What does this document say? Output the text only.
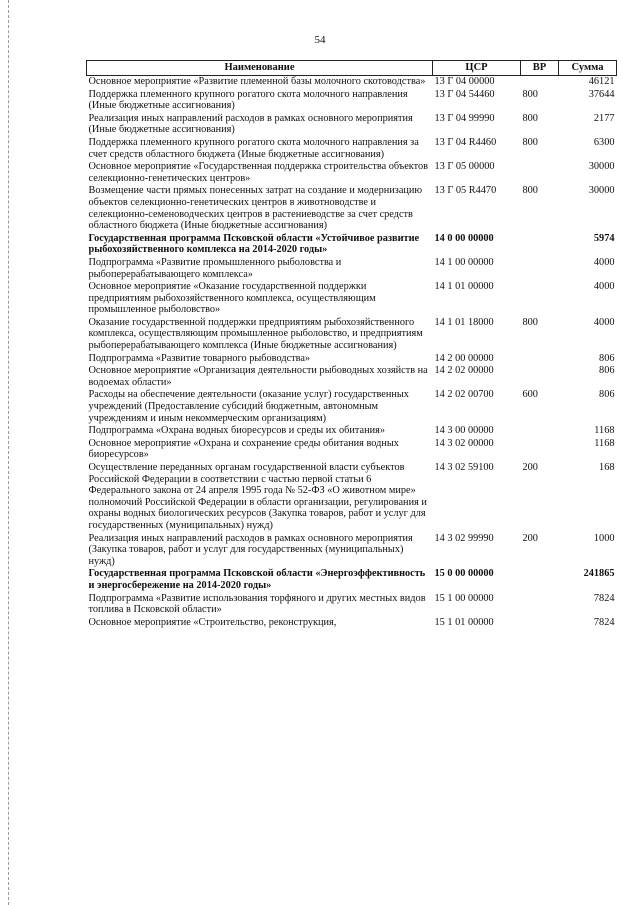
54
Наименование	ЦСР	ВР	Сумма
Основное мероприятие «Развитие племенной базы молочного скотоводства»	13 Г 04 00000		46121
Поддержка племенного крупного рогатого скота молочного направления (Иные бюджетные ассигнования)	13 Г 04 54460	800	37644
Реализация иных направлений расходов в рамках основного мероприятия (Иные бюджетные ассигнования)	13 Г 04 99990	800	2177
Поддержка племенного крупного рогатого скота молочного направления за счет средств областного бюджета (Иные бюджетные ассигнования)	13 Г 04 R4460	800	6300
Основное мероприятие «Государственная поддержка строительства объектов селекционно-генетических центров»	13 Г 05 00000		30000
Возмещение части прямых понесенных затрат на создание и модернизацию объектов селекционно-генетических центров в животноводстве и селекционно-семеноводческих центров в растениеводстве за счет средств областного бюджета (Иные бюджетные ассигнования)	13 Г 05 R4470	800	30000
Государственная программа Псковской области «Устойчивое развитие рыбохозяйственного комплекса на 2014-2020 годы»	14 0 00 00000		5974
Подпрограмма «Развитие промышленного рыболовства и рыбоперерабатывающего комплекса»	14 1 00 00000		4000
Основное мероприятие «Оказание государственной поддержки предприятиям рыбохозяйственного комплекса, осуществляющим промышленное рыболовство»	14 1 01 00000		4000
Оказание государственной поддержки предприятиям рыбохозяйственного комплекса, осуществляющим промышленное рыболовство, и предприятиям рыбоперерабатывающего комплекса (Иные бюджетные ассигнования)	14 1 01 18000	800	4000
Подпрограмма «Развитие товарного рыбоводства»	14 2 00 00000		806
Основное мероприятие «Организация деятельности рыбоводных хозяйств на водоемах области»	14 2 02 00000		806
Расходы на обеспечение деятельности (оказание услуг) государственных учреждений (Предоставление субсидий бюджетным, автономным учреждениям и иным некоммерческим организациям)	14 2 02 00700	600	806
Подпрограмма «Охрана водных биоресурсов и среды их обитания»	14 3 00 00000		1168
Основное мероприятие «Охрана и сохранение среды обитания водных биоресурсов»	14 3 02 00000		1168
Осуществление переданных органам государственной власти субъектов Российской Федерации в соответствии с частью первой статьи 6 Федерального закона от 24 апреля 1995 года № 52-ФЗ «О животном мире» полномочий Российской Федерации в области организации, регулирования и охраны водных биологических ресурсов (Закупка товаров, работ и услуг для государственных (муниципальных) нужд)	14 3 02 59100	200	168
Реализация иных направлений расходов в рамках основного мероприятия (Закупка товаров, работ и услуг для государственных (муниципальных) нужд)	14 3 02 99990	200	1000
Государственная программа Псковской области «Энергоэффективность и энергосбережение на 2014-2020 годы»	15 0 00 00000		241865
Подпрограмма «Развитие использования торфяного и других местных видов топлива в Псковской области»	15 1 00 00000		7824
Основное мероприятие «Строительство, реконструкция,	15 1 01 00000		7824
